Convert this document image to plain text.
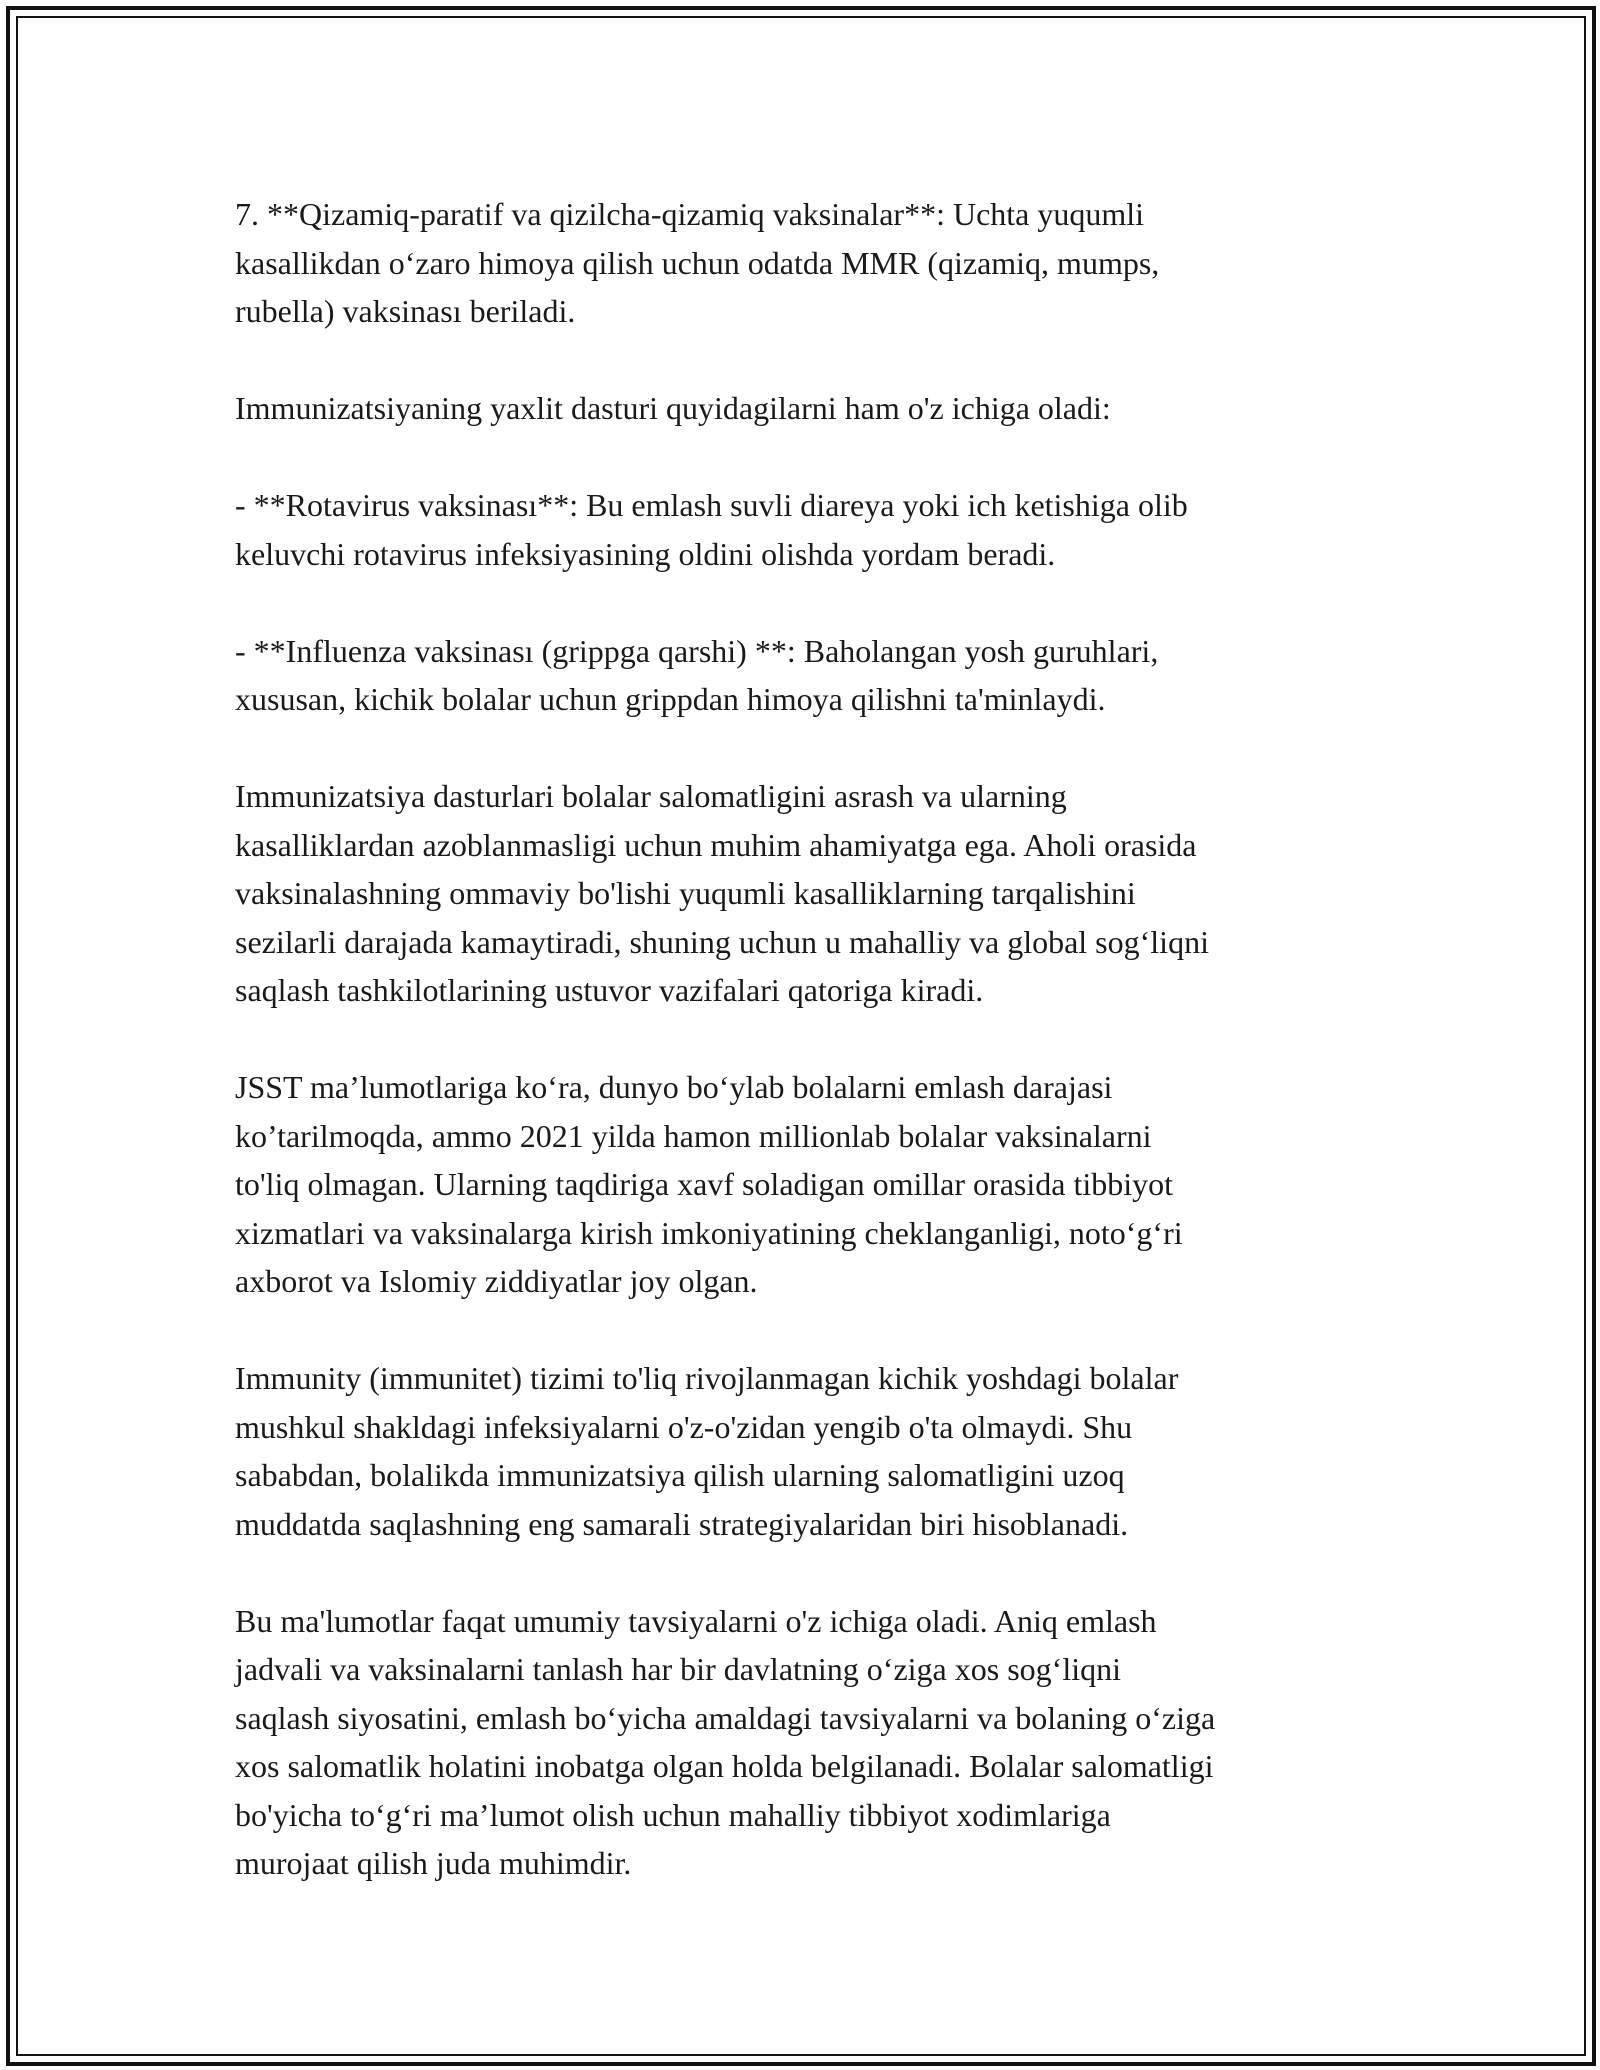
7. **Qizamiq-paratif va qizilcha-qizamiq vaksinalar**: Uchta yuqumli
kasallikdan o‘zaro himoya qilish uchun odatda MMR (qizamiq, mumps,
rubella) vaksinası beriladi.

Immunizatsiyaning yaxlit dasturi quyidagilarni ham o'z ichiga oladi:

- **Rotavirus vaksinası**: Bu emlash suvli diareya yoki ich ketishiga olib
keluvchi rotavirus infeksiyasining oldini olishda yordam beradi.

- **Influenza vaksinası (grippga qarshi) **: Baholangan yosh guruhlari,
xususan, kichik bolalar uchun grippdan himoya qilishni ta'minlaydi.

Immunizatsiya dasturlari bolalar salomatligini asrash va ularning
kasalliklardan azoblanmasligi uchun muhim ahamiyatga ega. Aholi orasida
vaksinalashning ommaviy bo'lishi yuqumli kasalliklarning tarqalishini
sezilarli darajada kamaytiradi, shuning uchun u mahalliy va global sog‘liqni
saqlash tashkilotlarining ustuvor vazifalari qatoriga kiradi.

JSST ma’lumotlariga ko‘ra, dunyo bo‘ylab bolalarni emlash darajasi
ko’tarilmoqda, ammo 2021 yilda hamon millionlab bolalar vaksinalarni
to'liq olmagan. Ularning taqdiriga xavf soladigan omillar orasida tibbiyot
xizmatlari va vaksinalarga kirish imkoniyatining cheklanganligi, noto‘g‘ri
axborot va Islomiy ziddiyatlar joy olgan.

Immunity (immunitet) tizimi to'liq rivojlanmagan kichik yoshdagi bolalar
mushkul shakldagi infeksiyalarni o'z-o'zidan yengib o'ta olmaydi. Shu
sababdan, bolalikda immunizatsiya qilish ularning salomatligini uzoq
muddatda saqlashning eng samarali strategiyalaridan biri hisoblanadi.

Bu ma'lumotlar faqat umumiy tavsiyalarni o'z ichiga oladi. Aniq emlash
jadvali va vaksinalarni tanlash har bir davlatning o‘ziga xos sog‘liqni
saqlash siyosatini, emlash bo‘yicha amaldagi tavsiyalarni va bolaning o‘ziga
xos salomatlik holatini inobatga olgan holda belgilanadi. Bolalar salomatligi
bo'yicha to‘g‘ri ma’lumot olish uchun mahalliy tibbiyot xodimlariga
murojaat qilish juda muhimdir.
